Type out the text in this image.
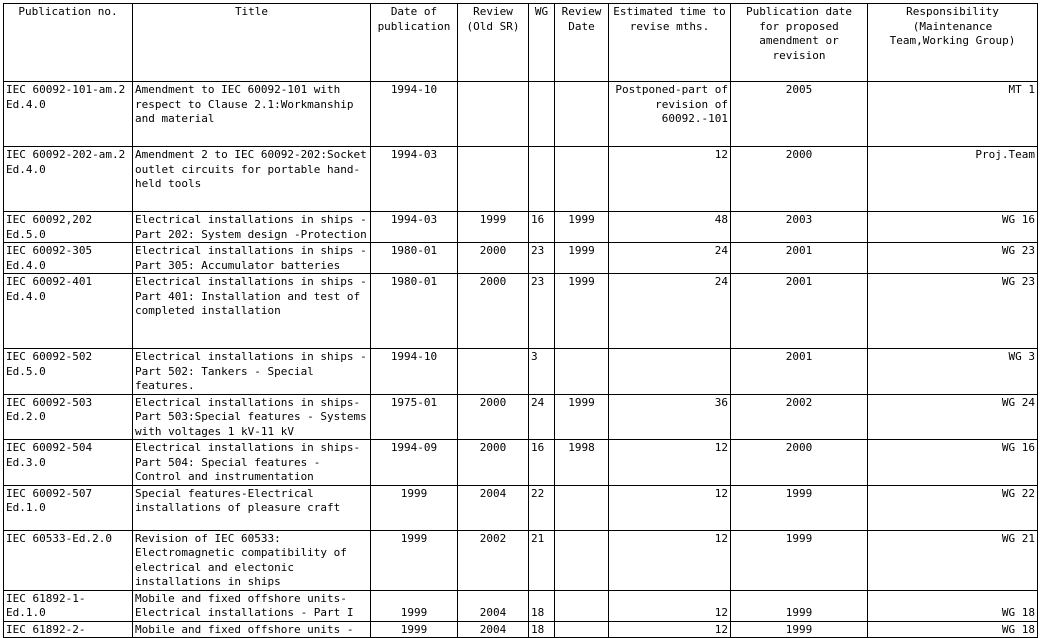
Publication no.	Title	Date of publication	Review (Old SR)	WG	Review Date	Estimated time to revise mths.	Publication date for proposed amendment or revision	Responsibility (Maintenance Team,Working Group)
IEC 60092-101-am.2 Ed.4.0	Amendment to IEC 60092-101 with respect to Clause 2.1:Workmanship and material	1994-10				Postponed-part of revision of 60092.-101	2005	MT 1
IEC 60092-202-am.2 Ed.4.0	Amendment 2 to IEC 60092-202:Socket outlet circuits for portable hand-held tools	1994-03				12	2000	Proj.Team
IEC 60092,202 Ed.5.0	Electrical installations in ships -Part 202: System design -Protection	1994-03	1999	16	1999	48	2003	WG 16
IEC 60092-305 Ed.4.0	Electrical installations in ships -Part 305: Accumulator batteries	1980-01	2000	23	1999	24	2001	WG 23
IEC 60092-401 Ed.4.0	Electrical installations in ships -Part 401: Installation and test of completed installation	1980-01	2000	23	1999	24	2001	WG 23
IEC 60092-502 Ed.5.0	Electrical installations in ships - Part 502: Tankers - Special features.	1994-10		3			2001	WG 3
IEC 60092-503 Ed.2.0	Electrical installations in ships-Part 503:Special features - Systems with voltages 1 kV-11 kV	1975-01	2000	24	1999	36	2002	WG 24
IEC 60092-504 Ed.3.0	Electrical installations in ships-Part 504: Special features - Control and instrumentation	1994-09	2000	16	1998	12	2000	WG 16
IEC 60092-507 Ed.1.0	Special features-Electrical installations of pleasure craft	1999	2004	22		12	1999	WG 22
IEC 60533-Ed.2.0	Revision of IEC 60533: Electromagnetic compatibility of electrical and electonic installations in ships	1999	2002	21		12	1999	WG 21
IEC 61892-1- Ed.1.0	Mobile and fixed offshore units-Electrical installations - Part I	1999	2004	18		12	1999	WG 18
IEC 61892-2-	Mobile and fixed offshore units -	1999	2004	18		12	1999	WG 18
